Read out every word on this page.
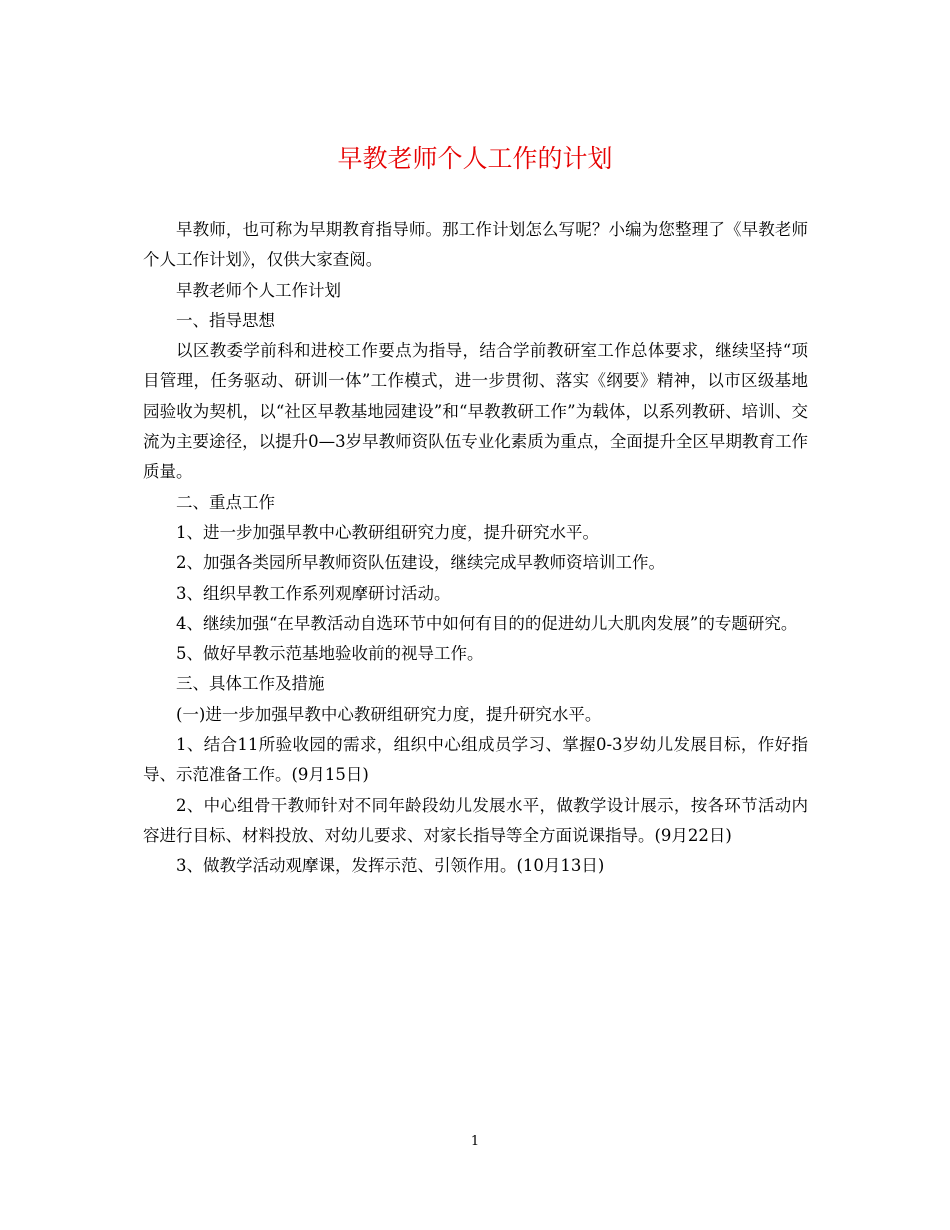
早教老师个人工作的计划

早教师，也可称为早期教育指导师。那工作计划怎么写呢？小编为您整理了《早教老师个人工作计划》，仅供大家查阅。

早教老师个人工作计划

一、指导思想

以区教委学前科和进校工作要点为指导，结合学前教研室工作总体要求，继续坚持“项目管理，任务驱动、研训一体”工作模式，进一步贯彻、落实《纲要》精神，以市区级基地园验收为契机，以“社区早教基地园建设”和“早教教研工作”为载体，以系列教研、培训、交流为主要途径，以提升0—3岁早教师资队伍专业化素质为重点，全面提升全区早期教育工作质量。

二、重点工作

1、进一步加强早教中心教研组研究力度，提升研究水平。

2、加强各类园所早教师资队伍建设，继续完成早教师资培训工作。

3、组织早教工作系列观摩研讨活动。

4、继续加强“在早教活动自选环节中如何有目的的促进幼儿大肌肉发展”的专题研究。

5、做好早教示范基地验收前的视导工作。

三、具体工作及措施

(一)进一步加强早教中心教研组研究力度，提升研究水平。

1、结合11所验收园的需求，组织中心组成员学习、掌握0-3岁幼儿发展目标，作好指导、示范准备工作。(9月15日)

2、中心组骨干教师针对不同年龄段幼儿发展水平，做教学设计展示，按各环节活动内容进行目标、材料投放、对幼儿要求、对家长指导等全方面说课指导。(9月22日)

3、做教学活动观摩课，发挥示范、引领作用。(10月13日)

1
